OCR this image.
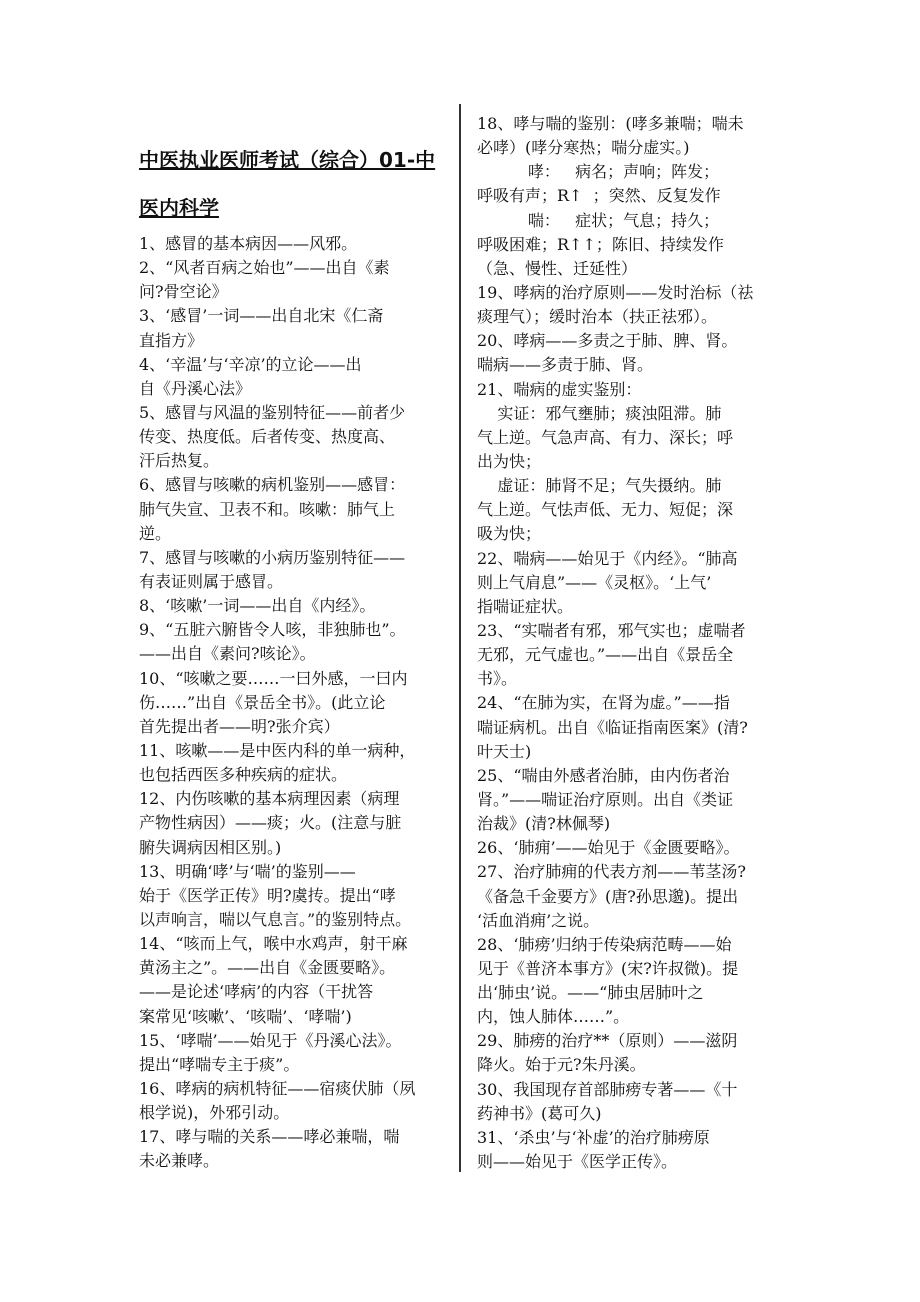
中医执业医师考试（综合）01-中
医内科学
1、感冒的基本病因——风邪。
2、“风者百病之始也”——出自《素
问?骨空论》
3、‘感冒’一词——出自北宋《仁斋
直指方》
4、‘辛温’与‘辛凉’的立论——出
自《丹溪心法》
5、感冒与风温的鉴别特征——前者少
传变、热度低。后者传变、热度高、
汗后热复。
6、感冒与咳嗽的病机鉴别——感冒：
肺气失宣、卫表不和。咳嗽：肺气上
逆。
7、感冒与咳嗽的小病历鉴别特征——
有表证则属于感冒。
8、‘咳嗽’一词——出自《内经》。
9、“五脏六腑皆令人咳，非独肺也”。
——出自《素问?咳论》。
10、“咳嗽之要……一曰外感，一曰内
伤……”出自《景岳全书》。(此立论
首先提出者——明?张介宾）
11、咳嗽——是中医内科的单一病种，
也包括西医多种疾病的症状。
12、内伤咳嗽的基本病理因素（病理
产物性病因）——痰；火。(注意与脏
腑失调病因相区别。)
13、明确‘哮’与‘喘’的鉴别——
始于《医学正传》明?虞抟。提出“哮
以声响言，喘以气息言。”的鉴别特点。
14、“咳而上气，喉中水鸡声，射干麻
黄汤主之”。——出自《金匮要略》。
——是论述‘哮病’的内容（干扰答
案常见‘咳嗽’、‘咳喘’、‘哮喘’)
15、‘哮喘’——始见于《丹溪心法》。
提出“哮喘专主于痰”。
16、哮病的病机特征——宿痰伏肺（夙
根学说)，外邪引动。
17、哮与喘的关系——哮必兼喘，喘
未必兼哮。
18、哮与喘的鉴别：(哮多兼喘；喘未
必哮）(哮分寒热；喘分虚实。)
哮：   病名；声响；阵发；
呼吸有声；R↑  ；突然、反复发作
喘：   症状；气息；持久；
呼吸困难；R↑↑；陈旧、持续发作
（急、慢性、迁延性）
19、哮病的治疗原则——发时治标（祛
痰理气）；缓时治本（扶正祛邪）。
20、哮病——多责之于肺、脾、肾。
喘病——多责于肺、肾。
21、喘病的虚实鉴别：
实证：邪气壅肺；痰浊阻滞。肺
气上逆。气急声高、有力、深长；呼
出为快；
虚证：肺肾不足；气失摄纳。肺
气上逆。气怯声低、无力、短促；深
吸为快；
22、喘病——始见于《内经》。“肺高
则上气肩息”——《灵枢》。‘上气’
指喘证症状。
23、“实喘者有邪，邪气实也；虚喘者
无邪，元气虚也。”——出自《景岳全
书》。
24、“在肺为实，在肾为虚。”——指
喘证病机。出自《临证指南医案》(清?
叶天士)
25、“喘由外感者治肺，由内伤者治
肾。”——喘证治疗原则。出自《类证
治裁》(清?林佩琴)
26、‘肺痈’——始见于《金匮要略》。
27、治疗肺痈的代表方剂——苇茎汤?
《备急千金要方》(唐?孙思邈)。提出
‘活血消痈’之说。
28、‘肺痨’归纳于传染病范畴——始
见于《普济本事方》(宋?许叔微)。提
出‘肺虫’说。——“肺虫居肺叶之
内，蚀人肺体……”。
29、肺痨的治疗**（原则）——滋阴
降火。始于元?朱丹溪。
30、我国现存首部肺痨专著——《十
药神书》(葛可久)
31、‘杀虫’与‘补虚’的治疗肺痨原
则——始见于《医学正传》。
